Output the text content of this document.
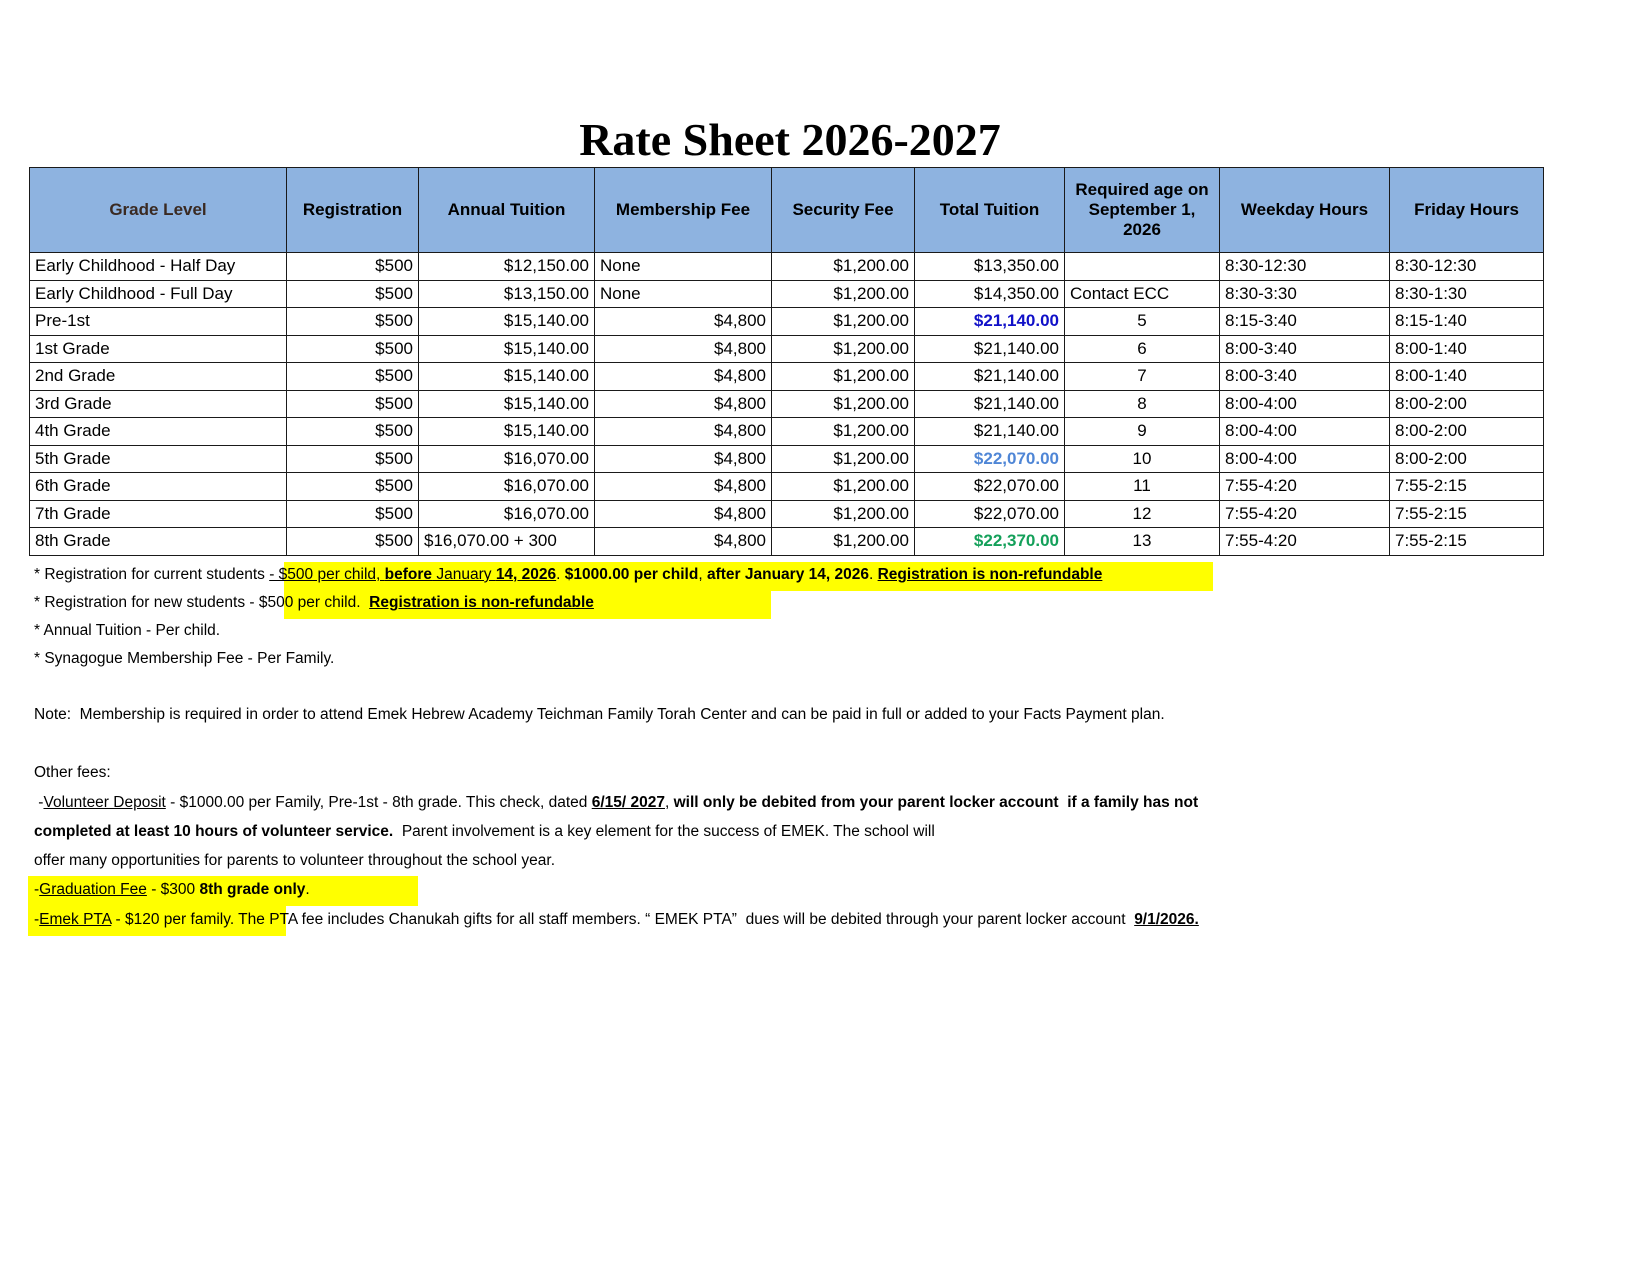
Rate Sheet 2026-2027
Grade Level	Registration	Annual Tuition	Membership Fee	Security Fee	Total Tuition	Required age on September 1, 2026	Weekday Hours	Friday Hours
Early Childhood - Half Day	$500	$12,150.00	None	$1,200.00	$13,350.00		8:30-12:30	8:30-12:30
Early Childhood - Full Day	$500	$13,150.00	None	$1,200.00	$14,350.00	Contact ECC	8:30-3:30	8:30-1:30
Pre-1st	$500	$15,140.00	$4,800	$1,200.00	$21,140.00	5	8:15-3:40	8:15-1:40
1st Grade	$500	$15,140.00	$4,800	$1,200.00	$21,140.00	6	8:00-3:40	8:00-1:40
2nd Grade	$500	$15,140.00	$4,800	$1,200.00	$21,140.00	7	8:00-3:40	8:00-1:40
3rd Grade	$500	$15,140.00	$4,800	$1,200.00	$21,140.00	8	8:00-4:00	8:00-2:00
4th Grade	$500	$15,140.00	$4,800	$1,200.00	$21,140.00	9	8:00-4:00	8:00-2:00
5th Grade	$500	$16,070.00	$4,800	$1,200.00	$22,070.00	10	8:00-4:00	8:00-2:00
6th Grade	$500	$16,070.00	$4,800	$1,200.00	$22,070.00	11	7:55-4:20	7:55-2:15
7th Grade	$500	$16,070.00	$4,800	$1,200.00	$22,070.00	12	7:55-4:20	7:55-2:15
8th Grade	$500	$16,070.00 + 300	$4,800	$1,200.00	$22,370.00	13	7:55-4:20	7:55-2:15
* Registration for current students - $500 per child, before January 14, 2026. $1000.00 per child, after January 14, 2026. Registration is non-refundable
* Registration for new students - $500 per child.  Registration is non-refundable
* Annual Tuition - Per child.
* Synagogue Membership Fee - Per Family.
Note:  Membership is required in order to attend Emek Hebrew Academy Teichman Family Torah Center and can be paid in full or added to your Facts Payment plan.
Other fees:
-Volunteer Deposit - $1000.00 per Family, Pre-1st - 8th grade. This check, dated 6/15/ 2027, will only be debited from your parent locker account  if a family has not
completed at least 10 hours of volunteer service.  Parent involvement is a key element for the success of EMEK. The school will
offer many opportunities for parents to volunteer throughout the school year.
-Graduation Fee - $300 8th grade only.
-Emek PTA - $120 per family. The PTA fee includes Chanukah gifts for all staff members. “ EMEK PTA”  dues will be debited through your parent locker account  9/1/2026.
